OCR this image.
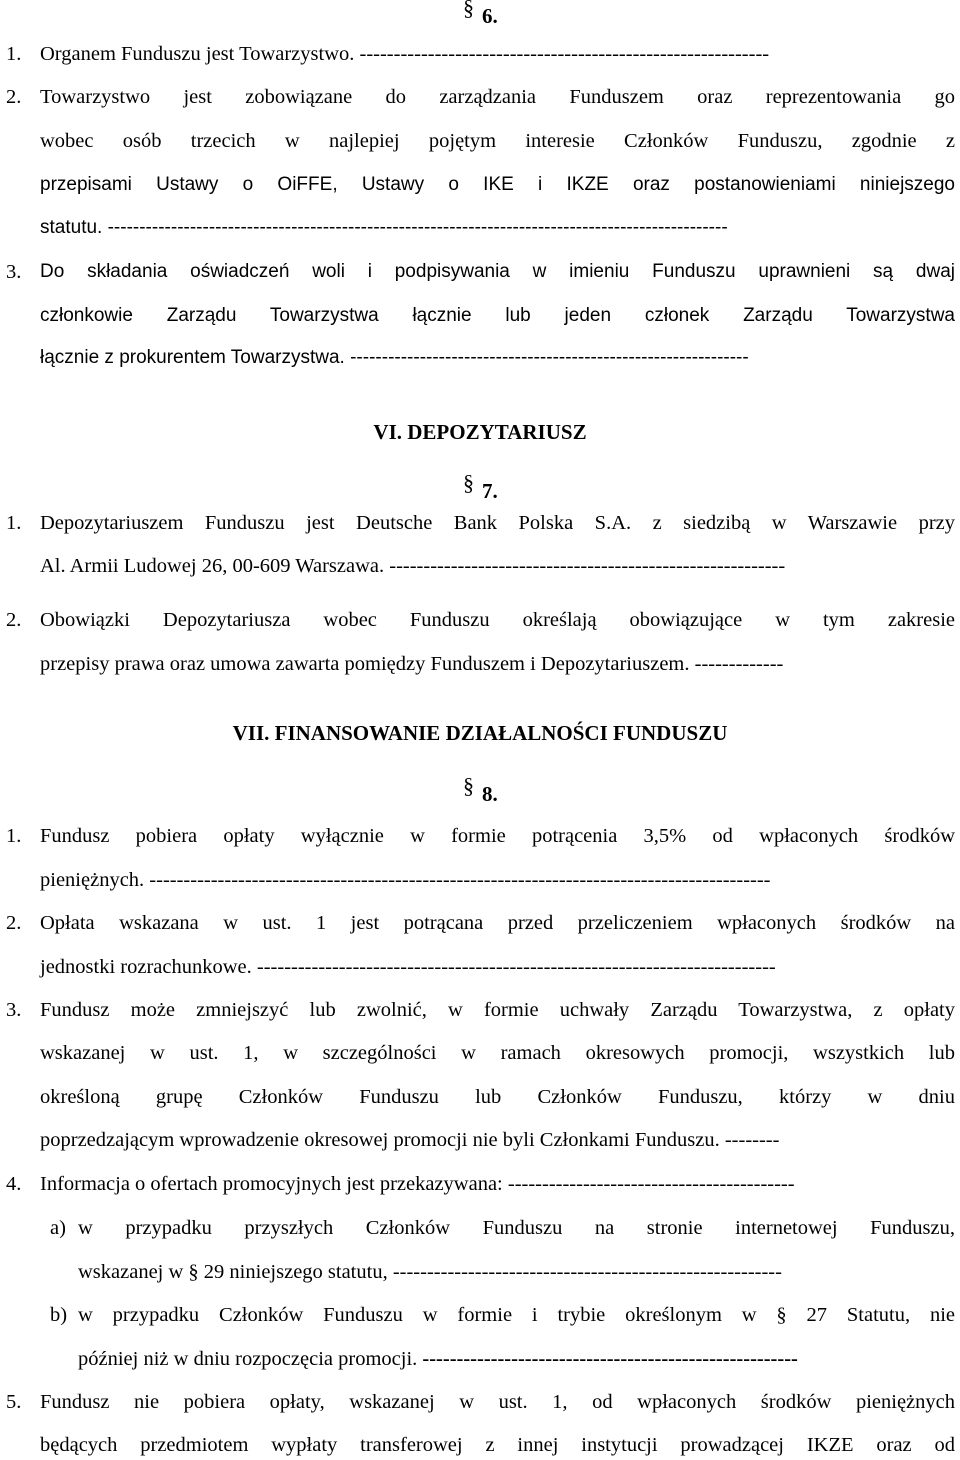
§ 6.
1. Organem Funduszu jest Towarzystwo. ------------------------------------------------------------
2. Towarzystwo jest zobowiązane do zarządzania Funduszem oraz reprezentowania go
wobec osób trzecich w najlepiej pojętym interesie Członków Funduszu, zgodnie z
przepisami Ustawy o OiFFE, Ustawy o IKE i IKZE oraz postanowieniami niniejszego
statutu. --------------------------------------------------------------------------------------------------
3. Do składania oświadczeń woli i podpisywania w imieniu Funduszu uprawnieni są dwaj
członkowie Zarządu Towarzystwa łącznie lub jeden członek Zarządu Towarzystwa
łącznie z prokurentem Towarzystwa. ---------------------------------------------------------------
VI. DEPOZYTARIUSZ
§ 7.
1. Depozytariuszem Funduszu jest Deutsche Bank Polska S.A. z siedzibą w Warszawie przy
Al. Armii Ludowej 26, 00-609 Warszawa. ----------------------------------------------------------
2. Obowiązki Depozytariusza wobec Funduszu określają obowiązujące w tym zakresie
przepisy prawa oraz umowa zawarta pomiędzy Funduszem i Depozytariuszem. -------------
VII. FINANSOWANIE DZIAŁALNOŚCI FUNDUSZU
§ 8.
1. Fundusz pobiera opłaty wyłącznie w formie potrącenia 3,5% od wpłaconych środków
pieniężnych. -------------------------------------------------------------------------------------------
2. Opłata wskazana w ust. 1 jest potrącana przed przeliczeniem wpłaconych środków na
jednostki rozrachunkowe. ----------------------------------------------------------------------------
3. Fundusz może zmniejszyć lub zwolnić, w formie uchwały Zarządu Towarzystwa, z opłaty
wskazanej w ust. 1, w szczególności w ramach okresowych promocji, wszystkich lub
określoną grupę Członków Funduszu lub Członków Funduszu, którzy w dniu
poprzedzającym wprowadzenie okresowej promocji nie byli Członkami Funduszu. --------
4. Informacja o ofertach promocyjnych jest przekazywana: ------------------------------------------
a) w przypadku przyszłych Członków Funduszu na stronie internetowej Funduszu,
wskazanej w § 29 niniejszego statutu, ---------------------------------------------------------
b) w przypadku Członków Funduszu w formie i trybie określonym w § 27 Statutu, nie
później niż w dniu rozpoczęcia promocji. -------------------------------------------------------
5. Fundusz nie pobiera opłaty, wskazanej w ust. 1, od wpłaconych środków pieniężnych
będących przedmiotem wypłaty transferowej z innej instytucji prowadzącej IKZE oraz od
